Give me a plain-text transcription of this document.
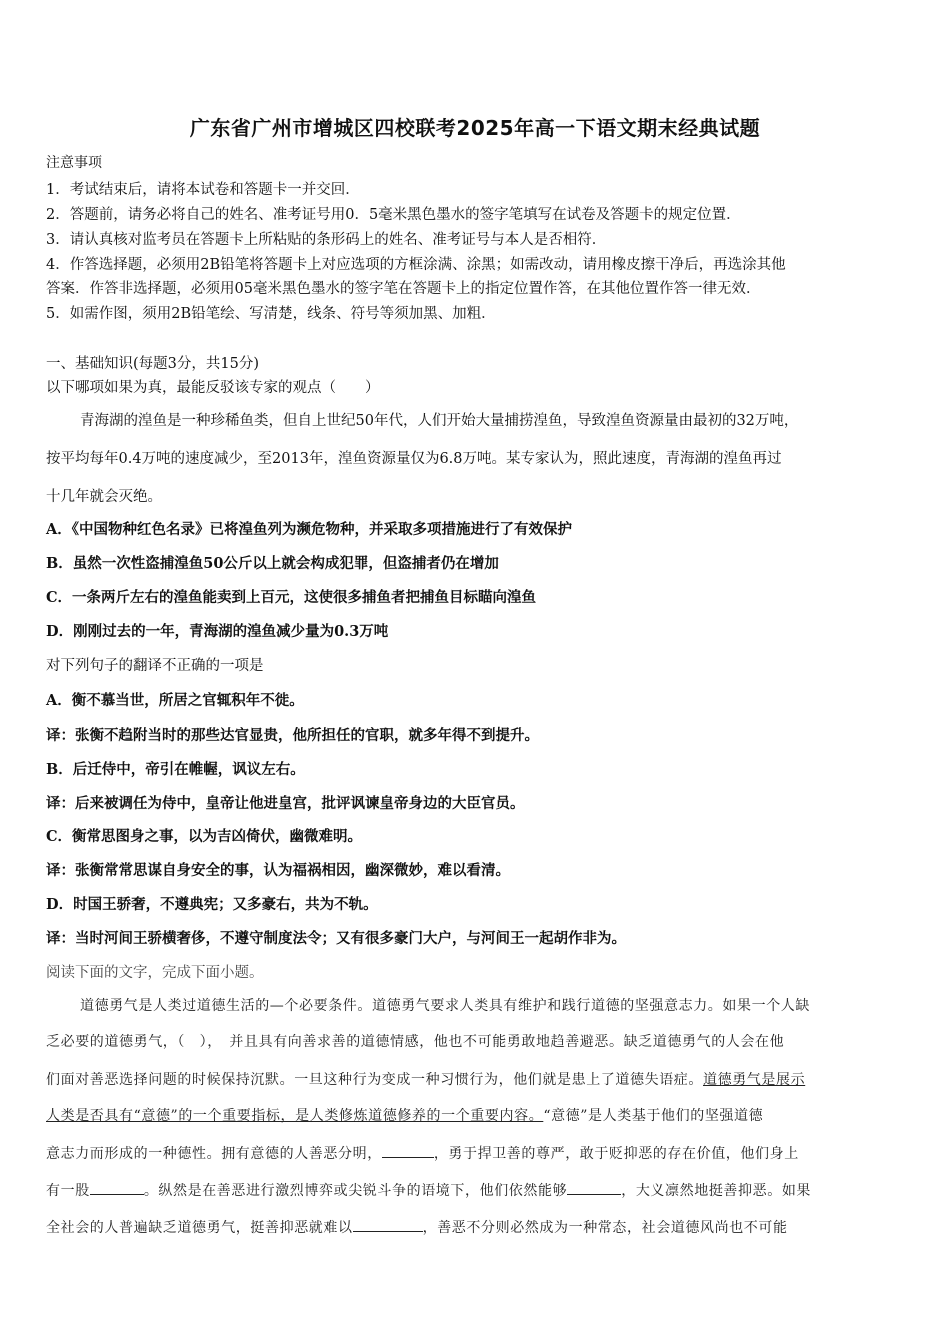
广东省广州市增城区四校联考2025年高一下语文期末经典试题
注意事项
1．考试结束后，请将本试卷和答题卡一并交回．
2．答题前，请务必将自己的姓名、准考证号用0．5毫米黑色墨水的签字笔填写在试卷及答题卡的规定位置．
3．请认真核对监考员在答题卡上所粘贴的条形码上的姓名、准考证号与本人是否相符．
4．作答选择题，必须用2B铅笔将答题卡上对应选项的方框涂满、涂黑；如需改动，请用橡皮擦干净后，再选涂其他
答案．作答非选择题，必须用05毫米黑色墨水的签字笔在答题卡上的指定位置作答，在其他位置作答一律无效．
5．如需作图，须用2B铅笔绘、写清楚，线条、符号等须加黑、加粗．
一、基础知识(每题3分，共15分)
以下哪项如果为真，最能反驳该专家的观点（　　）
青海湖的湟鱼是一种珍稀鱼类，但自上世纪50年代，人们开始大量捕捞湟鱼，导致湟鱼资源量由最初的32万吨，
按平均每年0.4万吨的速度减少，至2013年，湟鱼资源量仅为6.8万吨。某专家认为，照此速度，青海湖的湟鱼再过
十几年就会灭绝。
A．《中国物种红色名录》已将湟鱼列为濒危物种，并采取多项措施进行了有效保护
B．虽然一次性盗捕湟鱼50公斤以上就会构成犯罪，但盗捕者仍在增加
C．一条两斤左右的湟鱼能卖到上百元，这使很多捕鱼者把捕鱼目标瞄向湟鱼
D．刚刚过去的一年，青海湖的湟鱼减少量为0.3万吨
对下列句子的翻译不正确的一项是
A．衡不慕当世，所居之官辄积年不徙。
译：张衡不趋附当时的那些达官显贵，他所担任的官职，就多年得不到提升。
B．后迁侍中，帝引在帷幄，讽议左右。
译：后来被调任为侍中，皇帝让他进皇宫，批评讽谏皇帝身边的大臣官员。
C．衡常思图身之事，以为吉凶倚伏，幽微难明。
译：张衡常常思谋自身安全的事，认为福祸相因，幽深微妙，难以看清。
D．时国王骄奢，不遵典宪；又多豪右，共为不轨。
译：当时河间王骄横奢侈，不遵守制度法令；又有很多豪门大户，与河间王一起胡作非为。
阅读下面的文字，完成下面小题。
道德勇气是人类过道德生活的—个必要条件。道德勇气要求人类具有维护和践行道德的坚强意志力。如果一个人缺
乏必要的道德勇气，（　），　并且具有向善求善的道德情感，他也不可能勇敢地趋善避恶。缺乏道德勇气的人会在他
们面对善恶选择问题的时候保持沉默。一旦这种行为变成一种习惯行为，他们就是患上了道德失语症。道德勇气是展示
人类是否具有“意德”的一个重要指标，是人类修炼道德修养的一个重要内容。“意德”是人类基于他们的坚强道德
意志力而形成的一种德性。拥有意德的人善恶分明，	，勇于捍卫善的尊严，敢于贬抑恶的存在价值，他们身上
有一股	。纵然是在善恶进行激烈博弈或尖锐斗争的语境下，他们依然能够	，大义凛然地挺善抑恶。如果
全社会的人普遍缺乏道德勇气，挺善抑恶就难以	，善恶不分则必然成为一种常态，社会道德风尚也不可能
